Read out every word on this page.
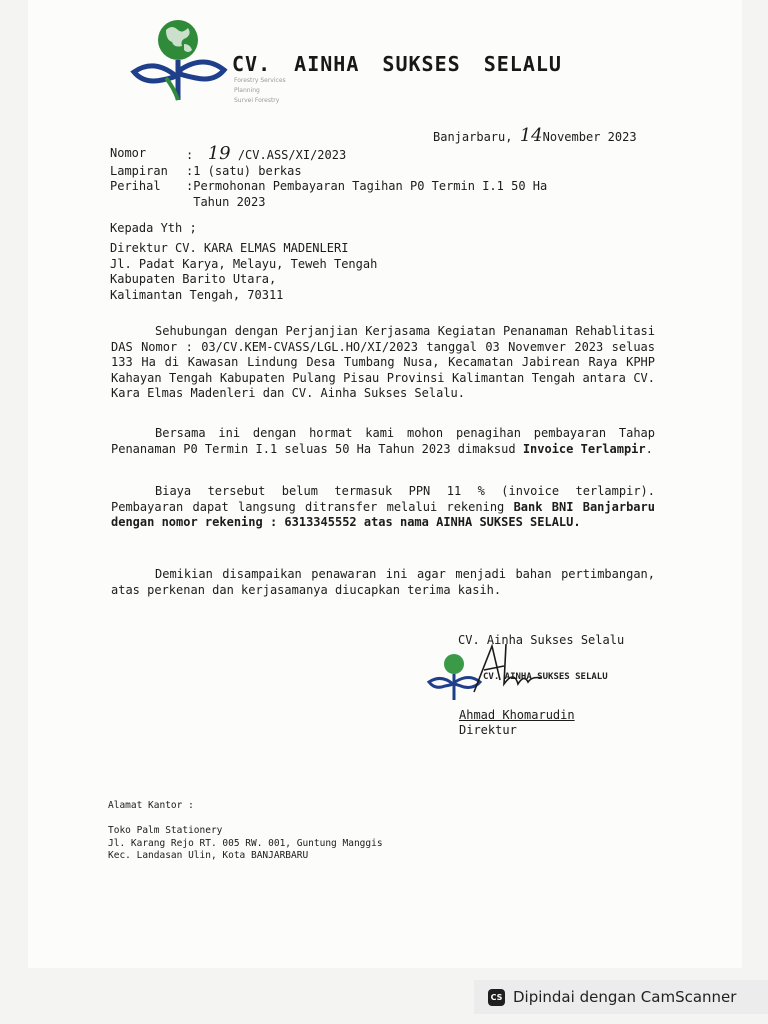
CV. AINHA SUKSES SELALU
Forestry Services
Planning
Survei Forestry
Banjarbaru, 14November 2023
Nomor	:  19 /CV.ASS/XI/2023
Lampiran	:1 (satu) berkas
Perihal	:Permohonan Pembayaran Tagihan P0 Termin I.1 50 Ha
Tahun 2023
Kepada Yth ;
Direktur CV. KARA ELMAS MADENLERI
Jl. Padat Karya, Melayu, Teweh Tengah
Kabupaten Barito Utara,
Kalimantan Tengah, 70311
Sehubungan dengan Perjanjian Kerjasama Kegiatan Penanaman Rehablitasi DAS Nomor : 03/CV.KEM-CVASS/LGL.HO/XI/2023 tanggal 03 Novemver 2023 seluas 133 Ha di Kawasan Lindung Desa Tumbang Nusa, Kecamatan Jabirean Raya KPHP Kahayan Tengah Kabupaten Pulang Pisau Provinsi Kalimantan Tengah antara CV. Kara Elmas Madenleri dan CV. Ainha Sukses Selalu.
Bersama ini dengan hormat kami mohon penagihan pembayaran Tahap Penanaman P0 Termin I.1 seluas 50 Ha Tahun 2023 dimaksud Invoice Terlampir.
Biaya tersebut belum termasuk PPN 11 % (invoice terlampir). Pembayaran dapat langsung ditransfer melalui rekening Bank BNI Banjarbaru dengan nomor rekening : 6313345552 atas nama AINHA SUKSES SELALU.
Demikian disampaikan penawaran ini agar menjadi bahan pertimbangan, atas perkenan dan kerjasamanya diucapkan terima kasih.
CV. Ainha Sukses Selalu
CV. AINHA SUKSES SELALU
Ahmad Khomarudin
Direktur
Alamat Kantor :
Toko Palm Stationery
Jl. Karang Rejo RT. 005 RW. 001, Guntung Manggis
Kec. Landasan Ulin, Kota BANJARBARU
CS Dipindai dengan CamScanner
